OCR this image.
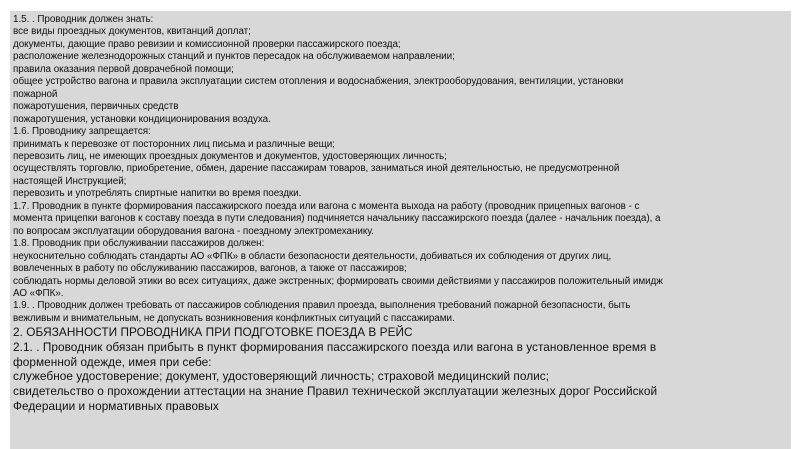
1.5. . Проводник должен знать:
все виды проездных документов, квитанций доплат;
документы, дающие право ревизии и комиссионной проверки пассажирского поезда;
расположение железнодорожных станций и пунктов пересадок на обслуживаемом направлении;
правила оказания первой доврачебной помощи;
общее устройство вагона и правила эксплуатации систем отопления и водоснабжения, электрооборудования, вентиляции, установки
пожарной
пожаротушения, первичных средств
пожаротушения, установки кондиционирования воздуха.
1.6. Проводнику запрещается:
принимать к перевозке от посторонних лиц письма и различные вещи;
перевозить лиц, не имеющих проездных документов и документов, удостоверяющих личность;
осуществлять торговлю, приобретение, обмен, дарение пассажирам товаров, заниматься иной деятельностью, не предусмотренной
настоящей Инструкцией;
перевозить и употреблять спиртные напитки во время поездки.
1.7. Проводник в пункте формирования пассажирского поезда или вагона с момента выхода на работу (проводник прицепных вагонов - с
момента прицепки вагонов к составу поезда в пути следования) подчиняется начальнику пассажирского поезда (далее - начальник поезда), а
по вопросам эксплуатации оборудования вагона - поездному электромеханику.
1.8. Проводник при обслуживании пассажиров должен:
неукоснительно соблюдать стандарты АО «ФПК» в области безопасности деятельности, добиваться их соблюдения от других лиц,
вовлеченных в работу по обслуживанию пассажиров, вагонов, а также от пассажиров;
соблюдать нормы деловой этики во всех ситуациях, даже экстренных; формировать своими действиями у пассажиров положительный имидж
АО «ФПК».
1.9. . Проводник должен требовать от пассажиров соблюдения правил проезда, выполнения требований пожарной безопасности, быть
вежливым и внимательным, не допускать возникновения конфликтных ситуаций с пассажирами.
2. ОБЯЗАННОСТИ ПРОВОДНИКА ПРИ ПОДГОТОВКЕ ПОЕЗДА В РЕЙС
2.1. . Проводник обязан прибыть в пункт формирования пассажирского поезда или вагона в установленное время в
форменной одежде, имея при себе:
служебное удостоверение; документ, удостоверяющий личность; страховой медицинский полис;
свидетельство о прохождении аттестации на знание Правил технической эксплуатации железных дорог Российской
Федерации и нормативных правовых
